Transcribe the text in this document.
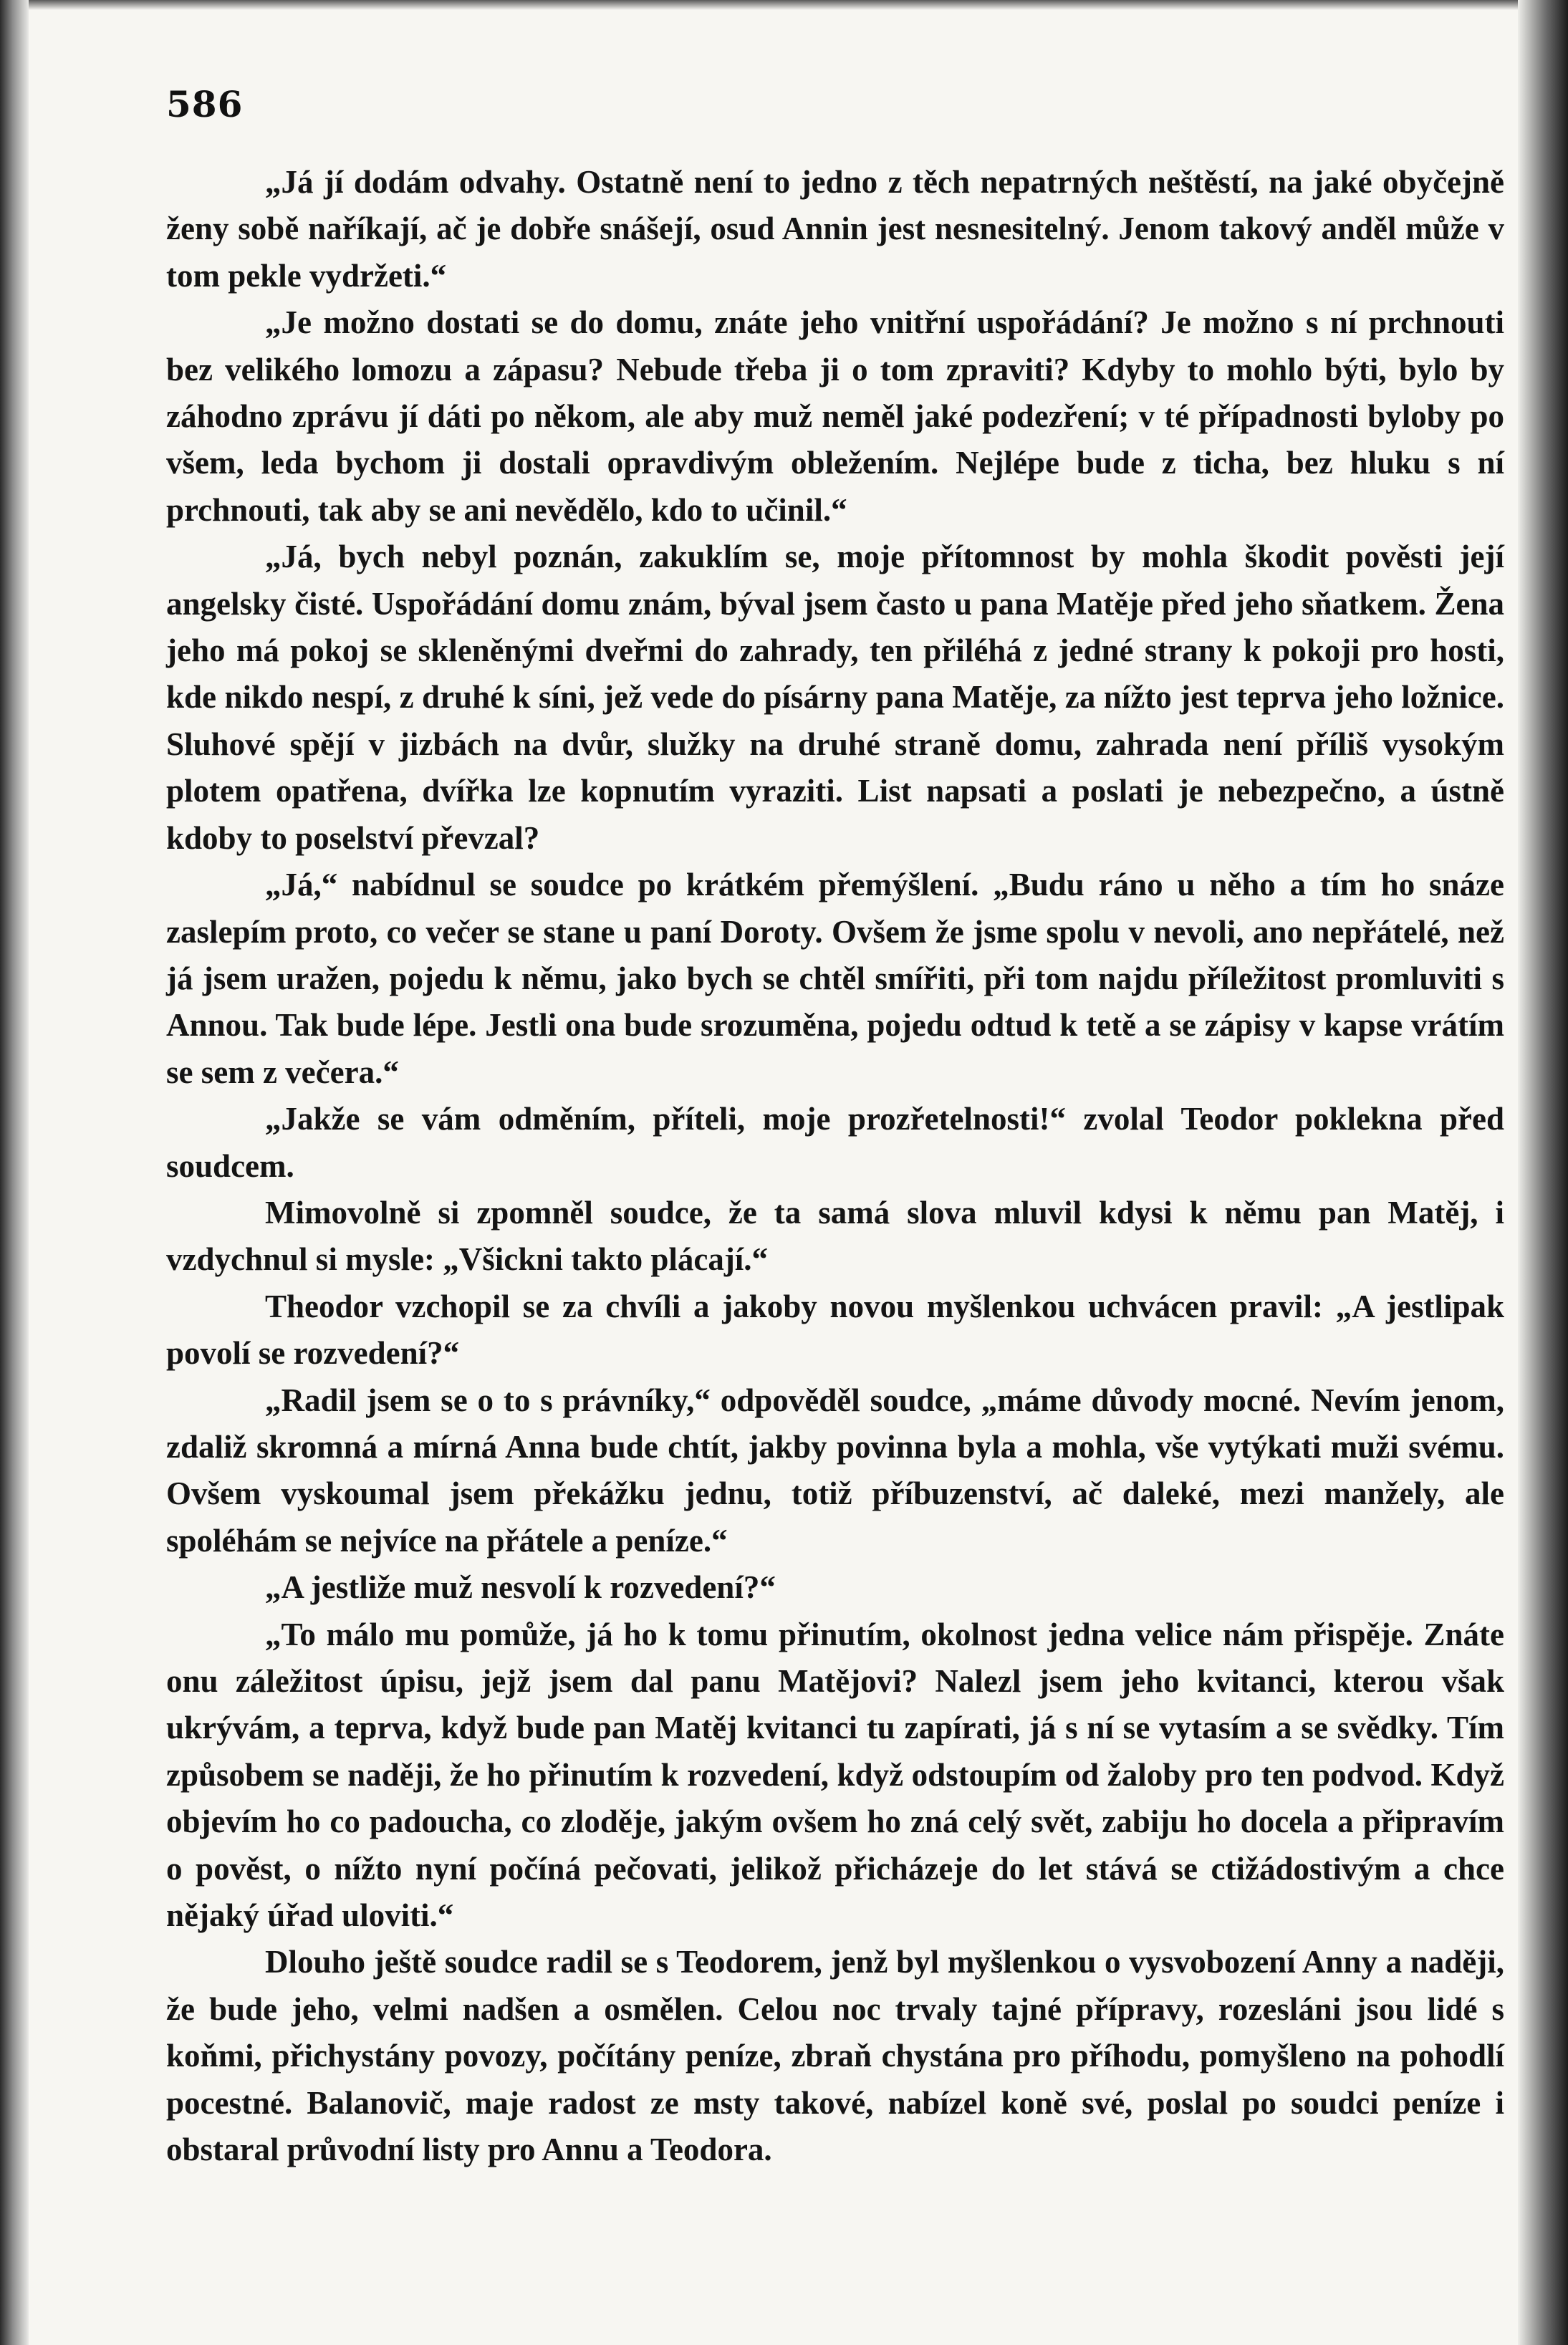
586

„Já jí dodám odvahy. Ostatně není to jedno z těch nepatrných neštěstí, na jaké obyčejně ženy sobě naříkají, ač je dobře snášejí, osud Annin jest nesnesitelný. Jenom takový anděl může v tom pekle vydržeti.“

„Je možno dostati se do domu, znáte jeho vnitřní uspořádání? Je možno s ní prchnouti bez velikého lomozu a zápasu? Nebude třeba ji o tom zpraviti? Kdyby to mohlo býti, bylo by záhodno zprávu jí dáti po někom, ale aby muž neměl jaké podezření; v té případnosti byloby po všem, leda bychom ji dostali opravdivým obležením. Nejlépe bude z ticha, bez hluku s ní prchnouti, tak aby se ani nevědělo, kdo to učinil.“

„Já, bych nebyl poznán, zakuklím se, moje přítomnost by mohla škodit pověsti její angelsky čisté. Uspořádání domu znám, býval jsem často u pana Matěje před jeho sňatkem. Žena jeho má pokoj se skleněnými dveřmi do zahrady, ten přiléhá z jedné strany k pokoji pro hosti, kde nikdo nespí, z druhé k síni, jež vede do písárny pana Matěje, za nížto jest teprva jeho ložnice. Sluhové spějí v jizbách na dvůr, služky na druhé straně domu, zahrada není příliš vysokým plotem opatřena, dvířka lze kopnutím vyraziti. List napsati a poslati je nebezpečno, a ústně kdoby to poselství převzal?

„Já,“ nabídnul se soudce po krátkém přemýšlení. „Budu ráno u něho a tím ho snáze zaslepím proto, co večer se stane u paní Doroty. Ovšem že jsme spolu v nevoli, ano nepřátelé, než já jsem uražen, pojedu k němu, jako bych se chtěl smířiti, při tom najdu příležitost promluviti s Annou. Tak bude lépe. Jestli ona bude srozuměna, pojedu odtud k tetě a se zápisy v kapse vrátím se sem z večera.“

„Jakže se vám odměním, příteli, moje prozřetelnosti!“ zvolal Teodor poklekna před soudcem.

Mimovolně si zpomněl soudce, že ta samá slova mluvil kdysi k němu pan Matěj, i vzdychnul si mysle: „Všickni takto plácají.“

Theodor vzchopil se za chvíli a jakoby novou myšlenkou uchvácen pravil: „A jestlipak povolí se rozvedení?“

„Radil jsem se o to s právníky,“ odpověděl soudce, „máme důvody mocné. Nevím jenom, zdaliž skromná a mírná Anna bude chtít, jakby povinna byla a mohla, vše vytýkati muži svému. Ovšem vyskoumal jsem překážku jednu, totiž příbuzenství, ač daleké, mezi manžely, ale spoléhám se nejvíce na přátele a peníze.“

„A jestliže muž nesvolí k rozvedení?“

„To málo mu pomůže, já ho k tomu přinutím, okolnost jedna velice nám přispěje. Znáte onu záležitost úpisu, jejž jsem dal panu Matějovi? Nalezl jsem jeho kvitanci, kterou však ukrývám, a teprva, když bude pan Matěj kvitanci tu zapírati, já s ní se vytasím a se svědky. Tím způsobem se naději, že ho přinutím k rozvedení, když odstoupím od žaloby pro ten podvod. Když objevím ho co padoucha, co zloděje, jakým ovšem ho zná celý svět, zabiju ho docela a připravím o pověst, o nížto nyní počíná pečovati, jelikož přicházeje do let stává se ctižádostivým a chce nějaký úřad uloviti.“

Dlouho ještě soudce radil se s Teodorem, jenž byl myšlenkou o vysvobození Anny a naději, že bude jeho, velmi nadšen a osmělen. Celou noc trvaly tajné přípravy, rozesláni jsou lidé s koňmi, přichystány povozy, počítány peníze, zbraň chystána pro příhodu, pomyšleno na pohodlí pocestné. Balanovič, maje radost ze msty takové, nabízel koně své, poslal po soudci peníze i obstaral průvodní listy pro Annu a Teodora.
